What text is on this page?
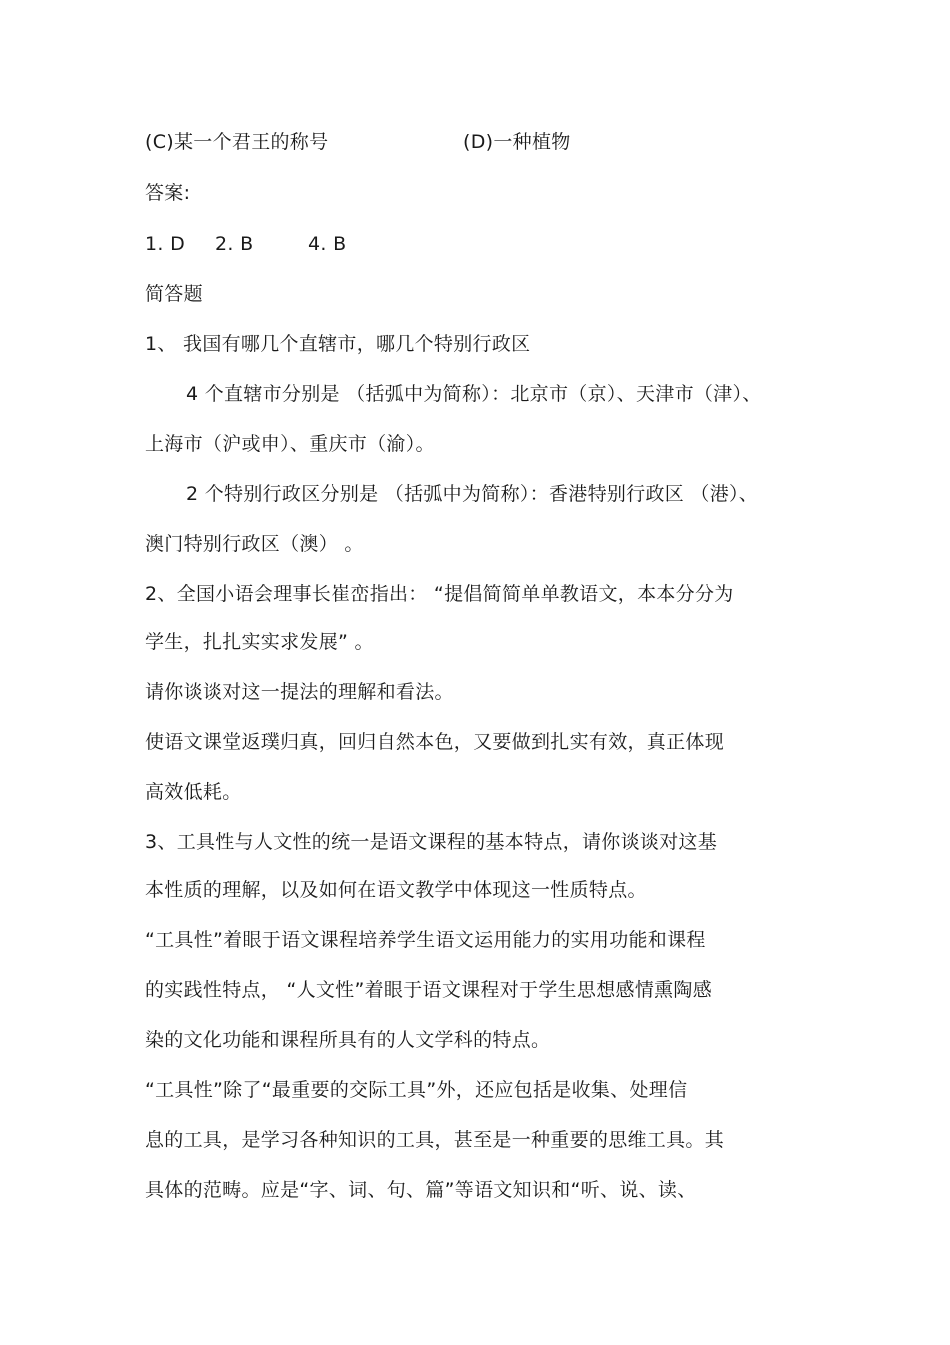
(C)某一个君王的称号	(D)一种植物
答案:
1. D 2. B	4. B
简答题
1、 我国有哪几个直辖市，哪几个特别行政区
4 个直辖市分别是 （括弧中为简称）：北京市（京）、天津市（津）、
上海市（沪或申）、重庆市（渝）。
2 个特别行政区分别是 （括弧中为简称）：香港特别行政区 （港）、
澳门特别行政区（澳） 。
2、全国小语会理事长崔峦指出： “提倡简简单单教语文，本本分分为
学生，扎扎实实求发展” 。
请你谈谈对这一提法的理解和看法。
使语文课堂返璞归真，回归自然本色，又要做到扎实有效，真正体现
高效低耗。
3、工具性与人文性的统一是语文课程的基本特点，请你谈谈对这基
本性质的理解，以及如何在语文教学中体现这一性质特点。
“工具性”着眼于语文课程培养学生语文运用能力的实用功能和课程
的实践性特点， “人文性”着眼于语文课程对于学生思想感情熏陶感
染的文化功能和课程所具有的人文学科的特点。
“工具性”除了“最重要的交际工具”外，还应包括是收集、处理信
息的工具，是学习各种知识的工具，甚至是一种重要的思维工具。其
具体的范畴。应是“字、词、句、篇”等语文知识和“听、说、读、
